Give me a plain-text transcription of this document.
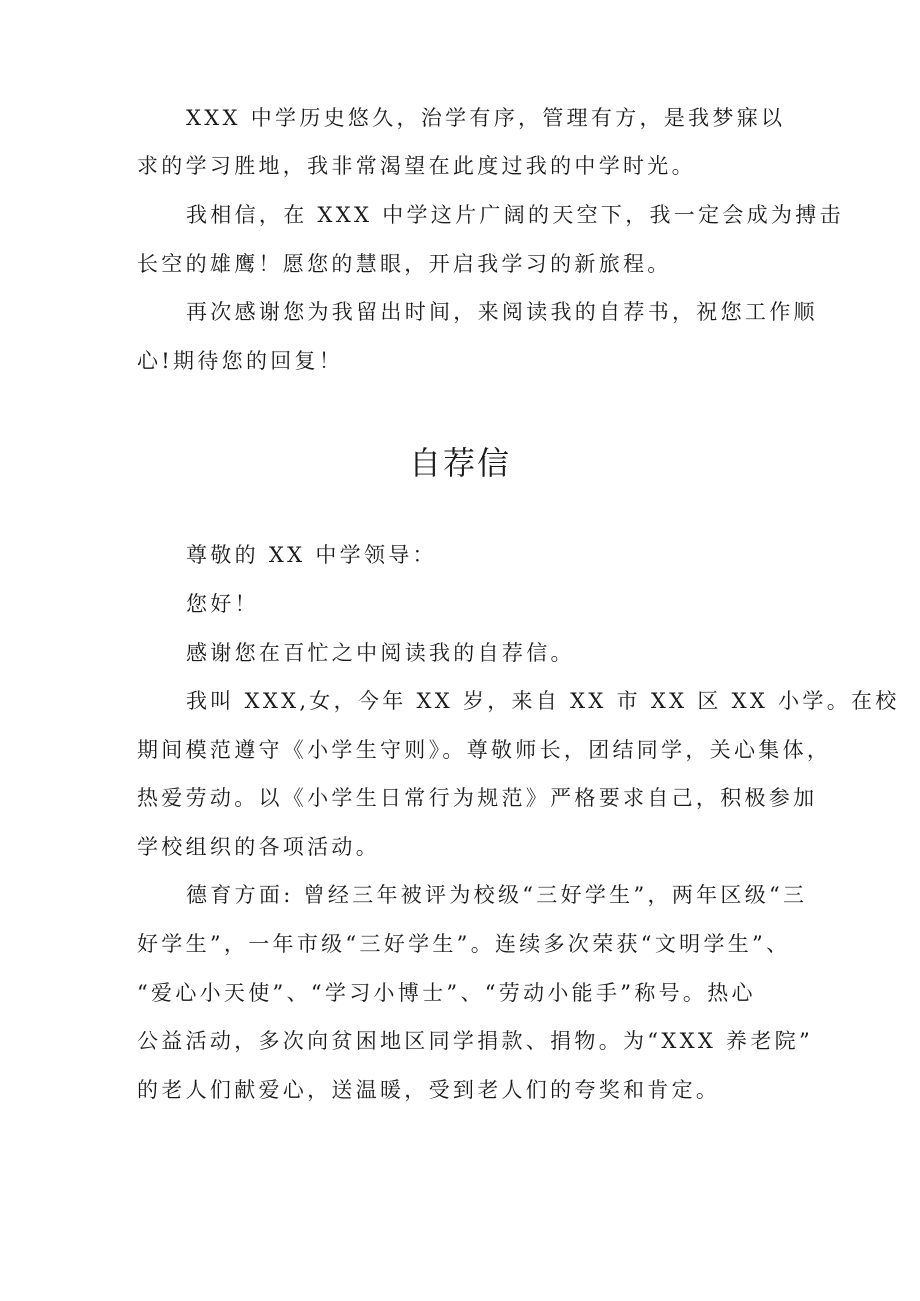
XXX 中学历史悠久，治学有序，管理有方，是我梦寐以
求的学习胜地，我非常渴望在此度过我的中学时光。
我相信，在 XXX 中学这片广阔的天空下，我一定会成为搏击
长空的雄鹰！愿您的慧眼，开启我学习的新旅程。
再次感谢您为我留出时间，来阅读我的自荐书，祝您工作顺
心!期待您的回复！
自荐信
尊敬的 XX 中学领导：
您好！
感谢您在百忙之中阅读我的自荐信。
我叫 XXX,女，今年 XX 岁，来自 XX 市 XX 区 XX 小学。在校
期间模范遵守《小学生守则》。尊敬师长，团结同学，关心集体，
热爱劳动。以《小学生日常行为规范》严格要求自己，积极参加
学校组织的各项活动。
德育方面: 曾经三年被评为校级“三好学生”，两年区级“三
好学生”，一年市级“三好学生”。连续多次荣获“文明学生”、
“爱心小天使”、“学习小博士”、“劳动小能手”称号。热心
公益活动，多次向贫困地区同学捐款、捐物。为“XXX 养老院”
的老人们献爱心，送温暖，受到老人们的夸奖和肯定。
